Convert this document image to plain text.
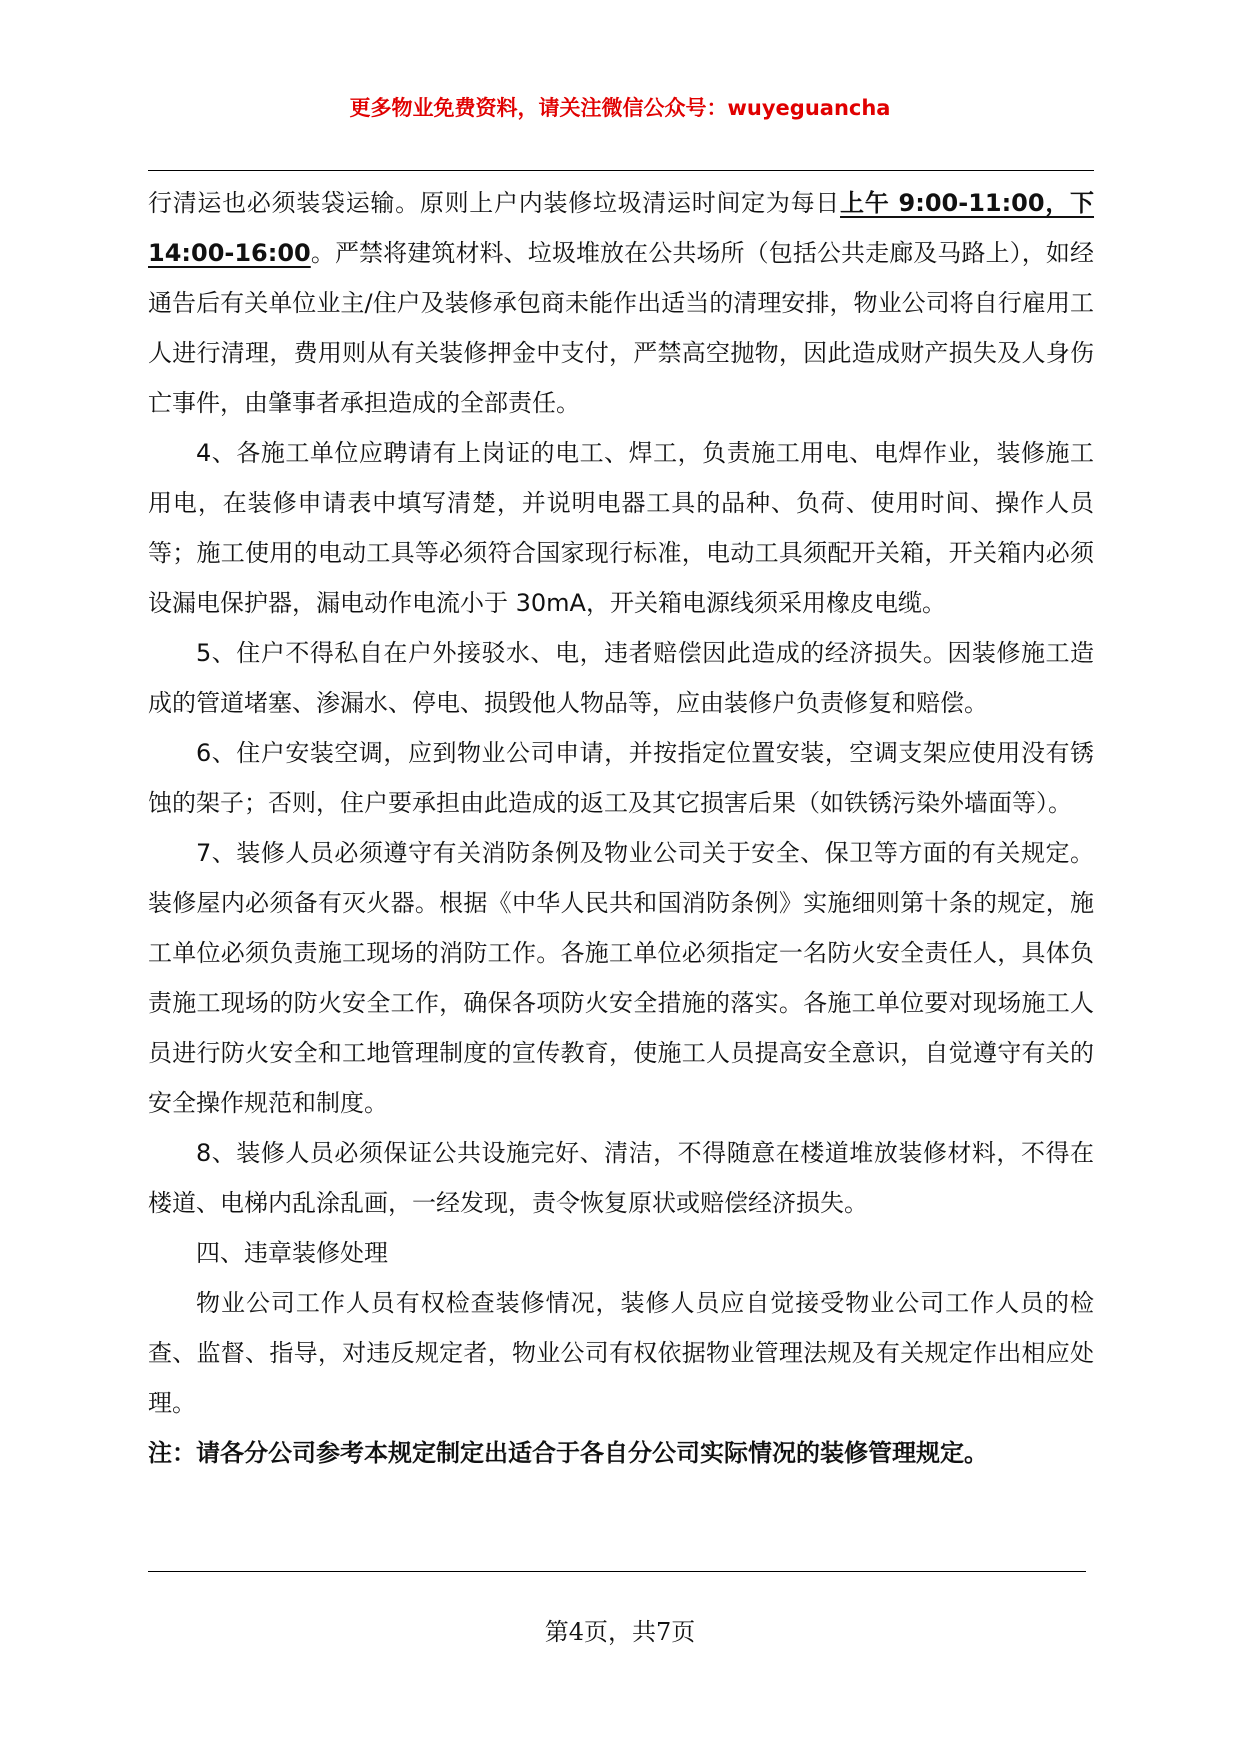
更多物业免费资料，请关注微信公众号：wuyeguancha

行清运也必须装袋运输。原则上户内装修垃圾清运时间定为每日上午 9:00-11:00，下 14:00-16:00。严禁将建筑材料、垃圾堆放在公共场所（包括公共走廊及马路上），如经通告后有关单位业主/住户及装修承包商未能作出适当的清理安排，物业公司将自行雇用工人进行清理，费用则从有关装修押金中支付，严禁高空抛物，因此造成财产损失及人身伤亡事件，由肇事者承担造成的全部责任。

4、各施工单位应聘请有上岗证的电工、焊工，负责施工用电、电焊作业，装修施工用电，在装修申请表中填写清楚，并说明电器工具的品种、负荷、使用时间、操作人员等；施工使用的电动工具等必须符合国家现行标准，电动工具须配开关箱，开关箱内必须设漏电保护器，漏电动作电流小于 30mA，开关箱电源线须采用橡皮电缆。

5、住户不得私自在户外接驳水、电，违者赔偿因此造成的经济损失。因装修施工造成的管道堵塞、渗漏水、停电、损毁他人物品等，应由装修户负责修复和赔偿。

6、住户安装空调，应到物业公司申请，并按指定位置安装，空调支架应使用没有锈蚀的架子；否则，住户要承担由此造成的返工及其它损害后果（如铁锈污染外墙面等）。

7、装修人员必须遵守有关消防条例及物业公司关于安全、保卫等方面的有关规定。装修屋内必须备有灭火器。根据《中华人民共和国消防条例》实施细则第十条的规定，施工单位必须负责施工现场的消防工作。各施工单位必须指定一名防火安全责任人，具体负责施工现场的防火安全工作，确保各项防火安全措施的落实。各施工单位要对现场施工人员进行防火安全和工地管理制度的宣传教育，使施工人员提高安全意识，自觉遵守有关的安全操作规范和制度。

8、装修人员必须保证公共设施完好、清洁，不得随意在楼道堆放装修材料，不得在楼道、电梯内乱涂乱画，一经发现，责令恢复原状或赔偿经济损失。

四、违章装修处理

物业公司工作人员有权检查装修情况，装修人员应自觉接受物业公司工作人员的检查、监督、指导，对违反规定者，物业公司有权依据物业管理法规及有关规定作出相应处理。

注：请各分公司参考本规定制定出适合于各自分公司实际情况的装修管理规定。

第4页，共7页
